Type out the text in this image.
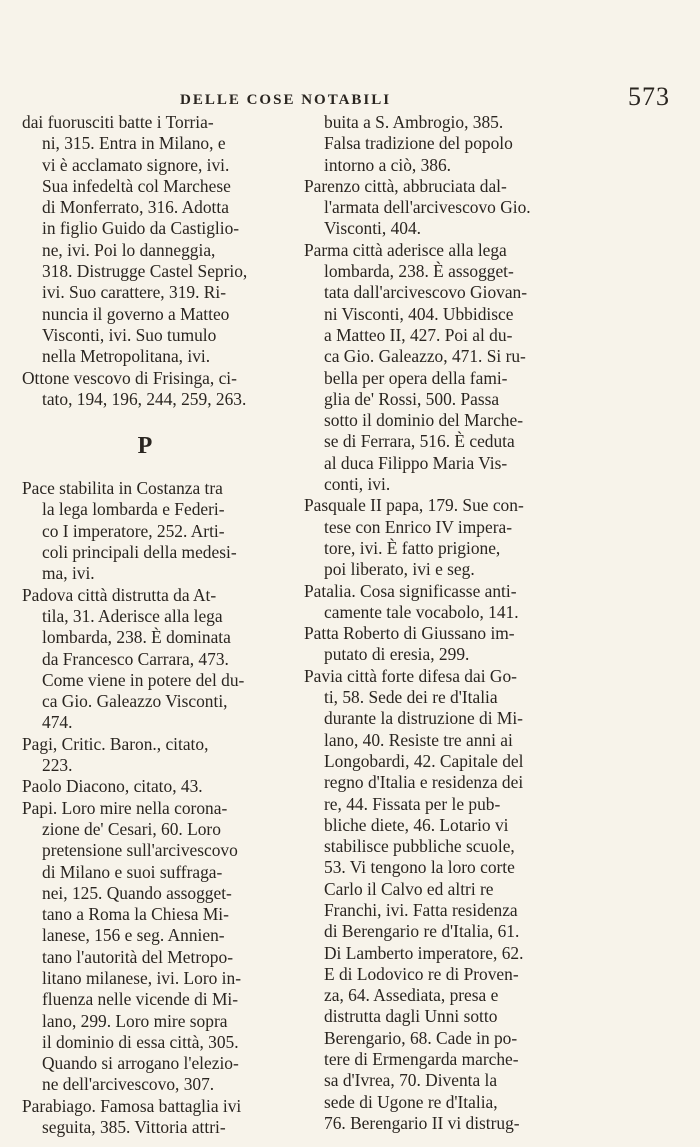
DELLE COSE NOTABILI	573

dai fuorusciti batte i Torria-
ni, 315. Entra in Milano, e
vi è acclamato signore, ivi.
Sua infedeltà col Marchese
di Monferrato, 316. Adotta
in figlio Guido da Castiglio-
ne, ivi. Poi lo danneggia,
318. Distrugge Castel Seprio,
ivi. Suo carattere, 319. Ri-
nuncia il governo a Matteo
Visconti, ivi. Suo tumulo
nella Metropolitana, ivi.

Ottone vescovo di Frisinga, ci-
tato, 194, 196, 244, 259, 263.

P

Pace stabilita in Costanza tra
la lega lombarda e Federi-
co I imperatore, 252. Arti-
coli principali della medesi-
ma, ivi.

Padova città distrutta da At-
tila, 31. Aderisce alla lega
lombarda, 238. È dominata
da Francesco Carrara, 473.
Come viene in potere del du-
ca Gio. Galeazzo Visconti,
474.

Pagi, Critic. Baron., citato,
223.

Paolo Diacono, citato, 43.

Papi. Loro mire nella corona-
zione de' Cesari, 60. Loro
pretensione sull'arcivescovo
di Milano e suoi suffraga-
nei, 125. Quando assogget-
tano a Roma la Chiesa Mi-
lanese, 156 e seg. Annien-
tano l'autorità del Metropo-
litano milanese, ivi. Loro in-
fluenza nelle vicende di Mi-
lano, 299. Loro mire sopra
il dominio di essa città, 305.
Quando si arrogano l'elezio-
ne dell'arcivescovo, 307.

Parabiago. Famosa battaglia ivi
seguita, 385. Vittoria attri-

buita a S. Ambrogio, 385.
Falsa tradizione del popolo
intorno a ciò, 386.

Parenzo città, abbruciata dal-
l'armata dell'arcivescovo Gio.
Visconti, 404.

Parma città aderisce alla lega
lombarda, 238. È assogget-
tata dall'arcivescovo Giovan-
ni Visconti, 404. Ubbidisce
a Matteo II, 427. Poi al du-
ca Gio. Galeazzo, 471. Si ru-
bella per opera della fami-
glia de' Rossi, 500. Passa
sotto il dominio del Marche-
se di Ferrara, 516. È ceduta
al duca Filippo Maria Vis-
conti, ivi.

Pasquale II papa, 179. Sue con-
tese con Enrico IV impera-
tore, ivi. È fatto prigione,
poi liberato, ivi e seg.

Patalia. Cosa significasse anti-
camente tale vocabolo, 141.

Patta Roberto di Giussano im-
putato di eresia, 299.

Pavia città forte difesa dai Go-
ti, 58. Sede dei re d'Italia
durante la distruzione di Mi-
lano, 40. Resiste tre anni ai
Longobardi, 42. Capitale del
regno d'Italia e residenza dei
re, 44. Fissata per le pub-
bliche diete, 46. Lotario vi
stabilisce pubbliche scuole,
53. Vi tengono la loro corte
Carlo il Calvo ed altri re
Franchi, ivi. Fatta residenza
di Berengario re d'Italia, 61.
Di Lamberto imperatore, 62.
E di Lodovico re di Proven-
za, 64. Assediata, presa e
distrutta dagli Unni sotto
Berengario, 68. Cade in po-
tere di Ermengarda marche-
sa d'Ivrea, 70. Diventa la
sede di Ugone re d'Italia,
76. Berengario II vi distrug-
